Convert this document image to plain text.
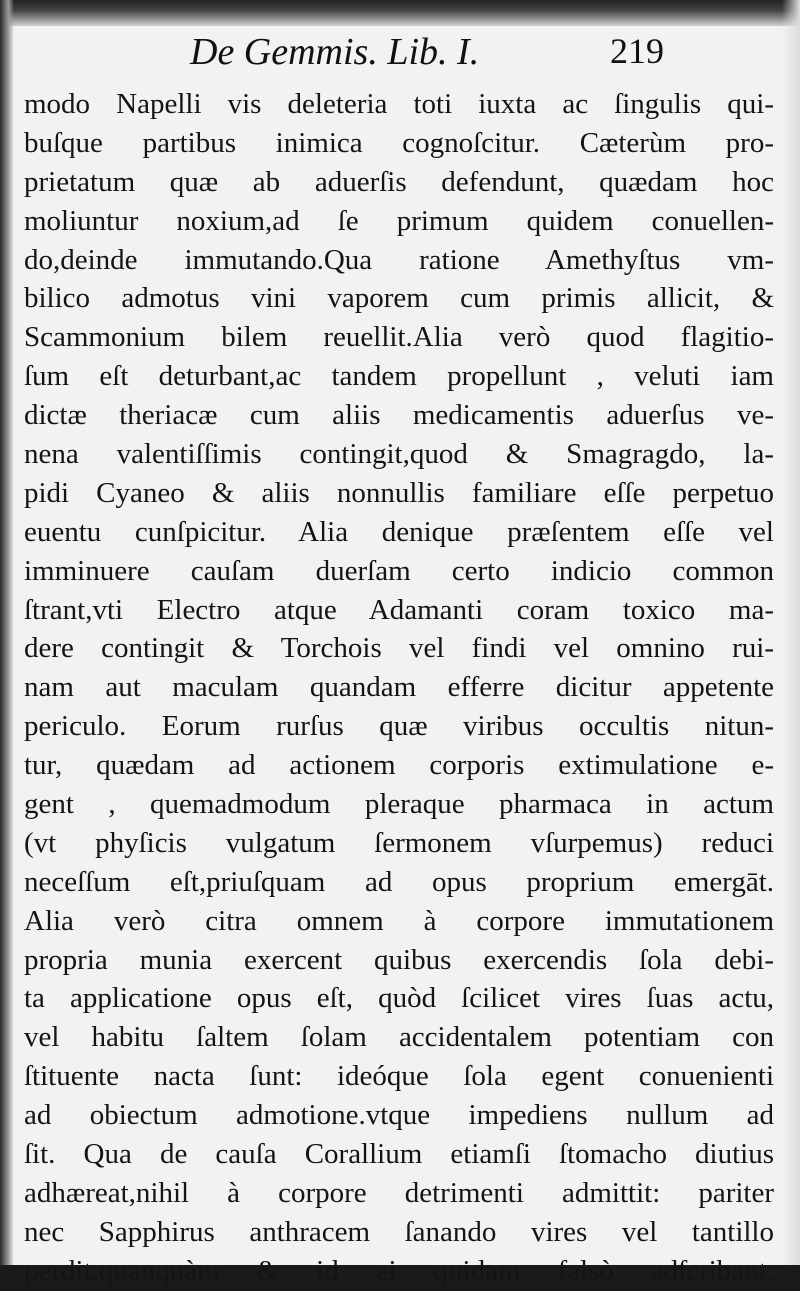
De Gemmis. Lib. I.	219
modo Napelli vis deleteria toti iuxta ac ſingulis qui-
buſque partibus inimica cognoſcitur. Cæterùm pro-
prietatum quæ ab aduerſis defendunt, quædam hoc
moliuntur noxium,ad ſe primum quidem conuellen-
do,deinde immutando.Qua ratione Amethyſtus vm-
bilico admotus vini vaporem cum primis allicit, &
Scammonium bilem reuellit.Alia verò quod flagitio-
ſum eſt deturbant,ac tandem propellunt , veluti iam
dictæ theriacæ cum aliis medicamentis aduerſus ve-
nena valentiſſimis contingit,quod & Smagragdo, la-
pidi Cyaneo & aliis nonnullis familiare eſſe perpetuo
euentu cunſpicitur. Alia denique præſentem eſſe vel
imminuere cauſam duerſam certo indicio common
ſtrant,vti Electro atque Adamanti coram toxico ma-
dere contingit & Torchois vel findi vel omnino rui-
nam aut maculam quandam efferre dicitur appetente
periculo. Eorum rurſus quæ viribus occultis nitun-
tur, quædam ad actionem corporis extimulatione e-
gent , quemadmodum pleraque pharmaca in actum
(vt phyſicis vulgatum ſermonem vſurpemus) reduci
neceſſum eſt,priuſquam ad opus proprium emergāt.
Alia verò citra omnem à corpore immutationem
propria munia exercent quibus exercendis ſola debi-
ta applicatione opus eſt, quòd ſcilicet vires ſuas actu,
vel habitu ſaltem ſolam accidentalem potentiam con
ſtituente nacta ſunt: ideóque ſola egent conuenienti
ad obiectum admotione.vtque impediens nullum ad
ſit. Qua de cauſa Corallium etiamſi ſtomacho diutius
adhæreat,nihil à corpore detrimenti admittit: pariter
nec Sapphirus anthracem ſanando vires vel tantillo
perdit,quanquàm & id ei quidam falsò adſcribant.
